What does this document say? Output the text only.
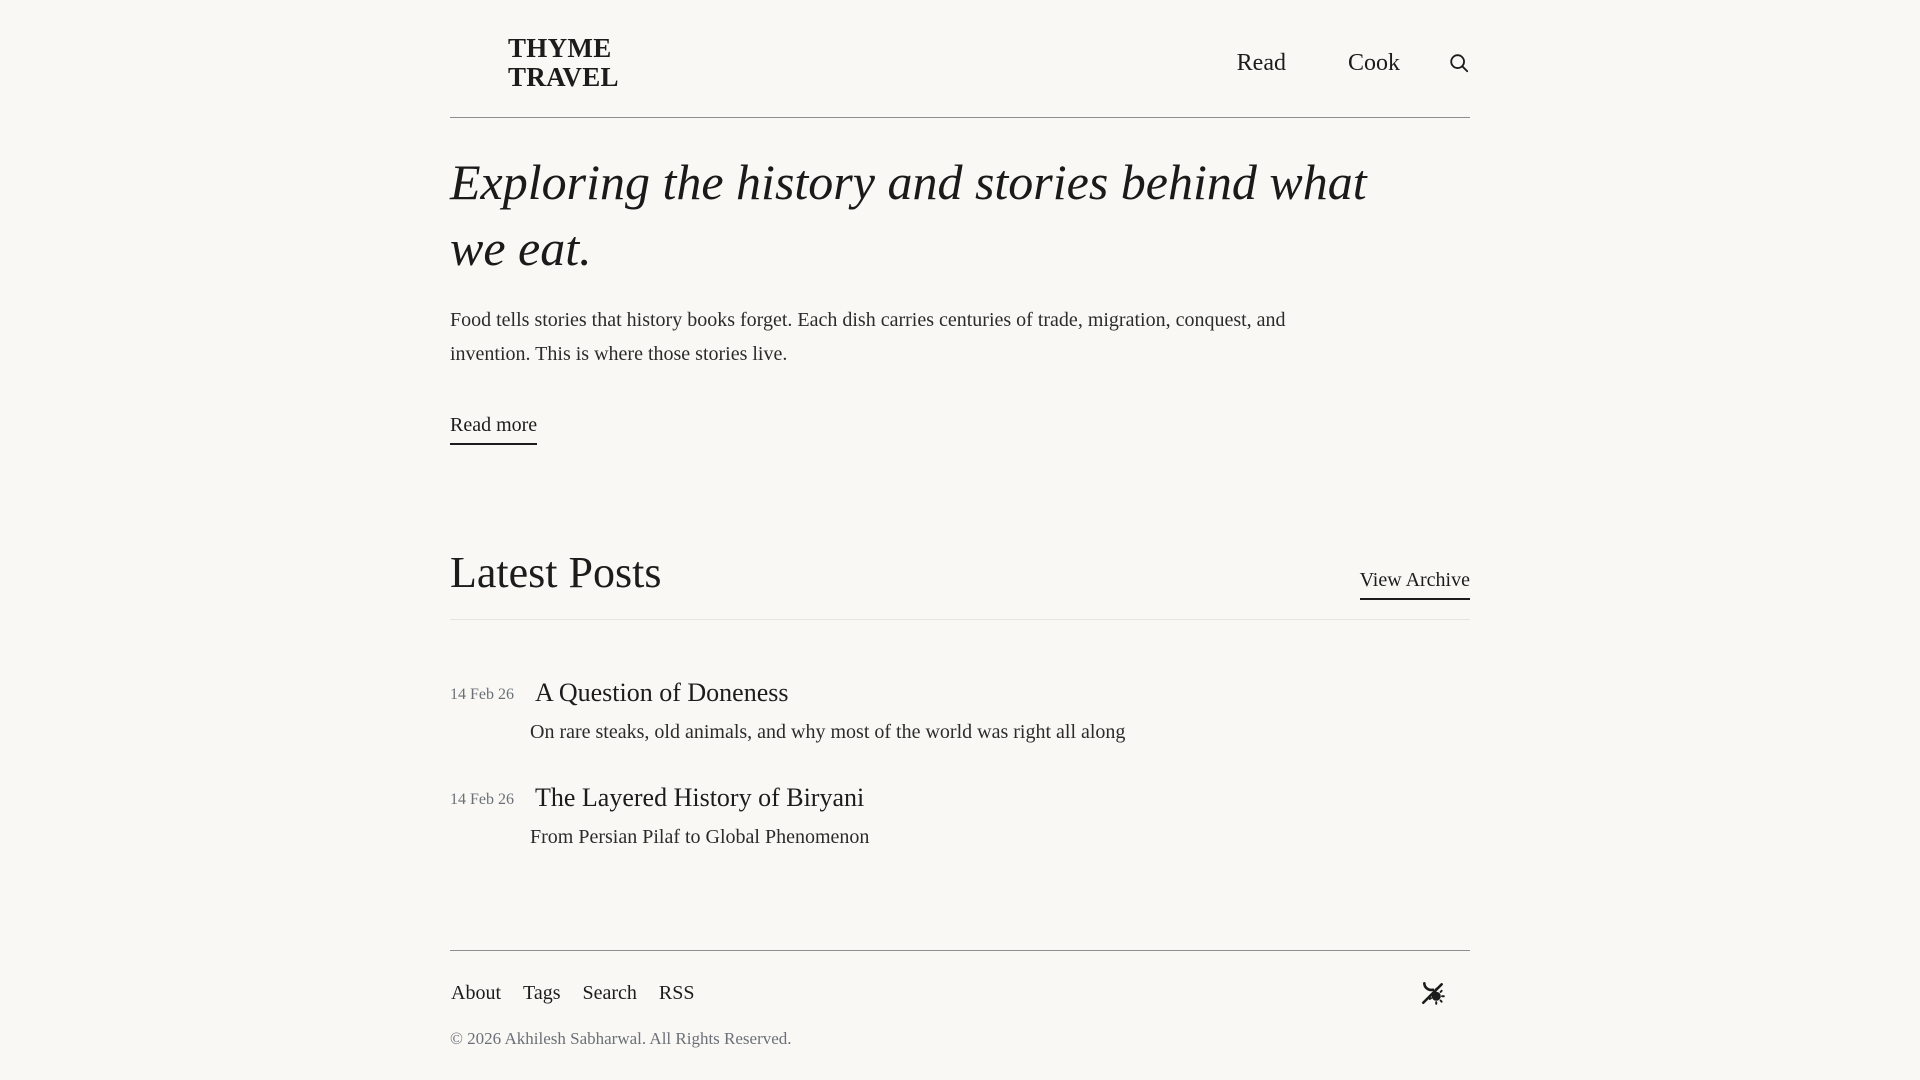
THYME
TRAVEL	Read	Cook
Exploring the history and stories behind what we eat.

Food tells stories that history books forget. Each dish carries centuries of trade, migration, conquest, and invention. This is where those stories live.

Read more
Latest Posts	View Archive
14 Feb 26 A Question of Doneness
On rare steaks, old animals, and why most of the world was right all along
14 Feb 26 The Layered History of Biryani
From Persian Pilaf to Global Phenomenon
About Tags Search RSS
© 2026 Akhilesh Sabharwal. All Rights Reserved.
